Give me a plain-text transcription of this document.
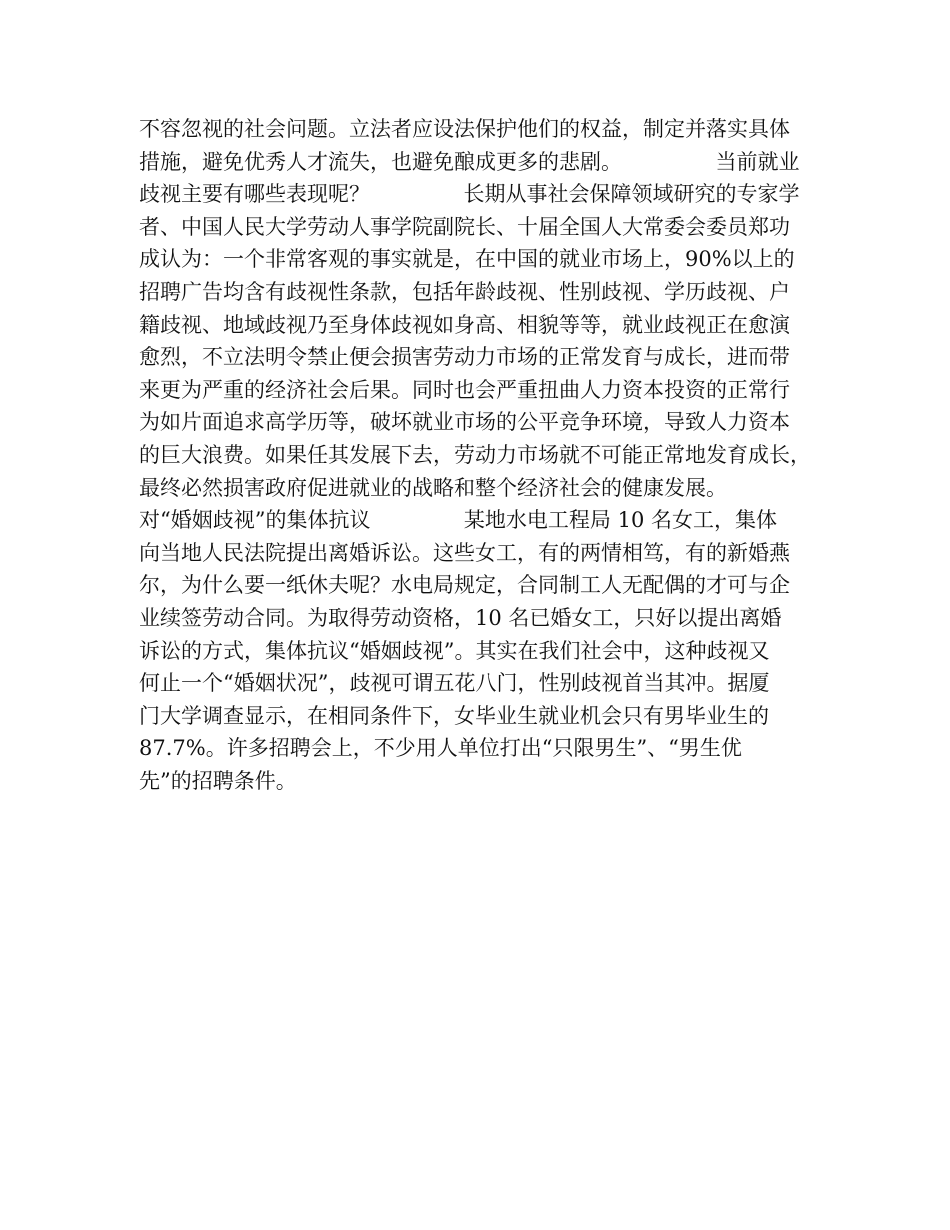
不容忽视的社会问题。立法者应设法保护他们的权益，制定并落实具体
措施，避免优秀人才流失，也避免酿成更多的悲剧。              当前就业
歧视主要有哪些表现呢？              长期从事社会保障领域研究的专家学
者、中国人民大学劳动人事学院副院长、十届全国人大常委会委员郑功
成认为：一个非常客观的事实就是，在中国的就业市场上，90%以上的
招聘广告均含有歧视性条款，包括年龄歧视、性别歧视、学历歧视、户
籍歧视、地域歧视乃至身体歧视如身高、相貌等等，就业歧视正在愈演
愈烈，不立法明令禁止便会损害劳动力市场的正常发育与成长，进而带
来更为严重的经济社会后果。同时也会严重扭曲人力资本投资的正常行
为如片面追求高学历等，破坏就业市场的公平竞争环境，导致人力资本
的巨大浪费。如果任其发展下去，劳动力市场就不可能正常地发育成长，
最终必然损害政府促进就业的战略和整个经济社会的健康发展。
对“婚姻歧视”的集体抗议              某地水电工程局 10 名女工，集体
向当地人民法院提出离婚诉讼。这些女工，有的两情相笃，有的新婚燕
尔，为什么要一纸休夫呢？水电局规定，合同制工人无配偶的才可与企
业续签劳动合同。为取得劳动资格，10 名已婚女工，只好以提出离婚
诉讼的方式，集体抗议“婚姻歧视”。其实在我们社会中，这种歧视又
何止一个“婚姻状况”，歧视可谓五花八门，性别歧视首当其冲。据厦
门大学调查显示，在相同条件下，女毕业生就业机会只有男毕业生的
87.7%。许多招聘会上，不少用人单位打出“只限男生”、“男生优
先”的招聘条件。
